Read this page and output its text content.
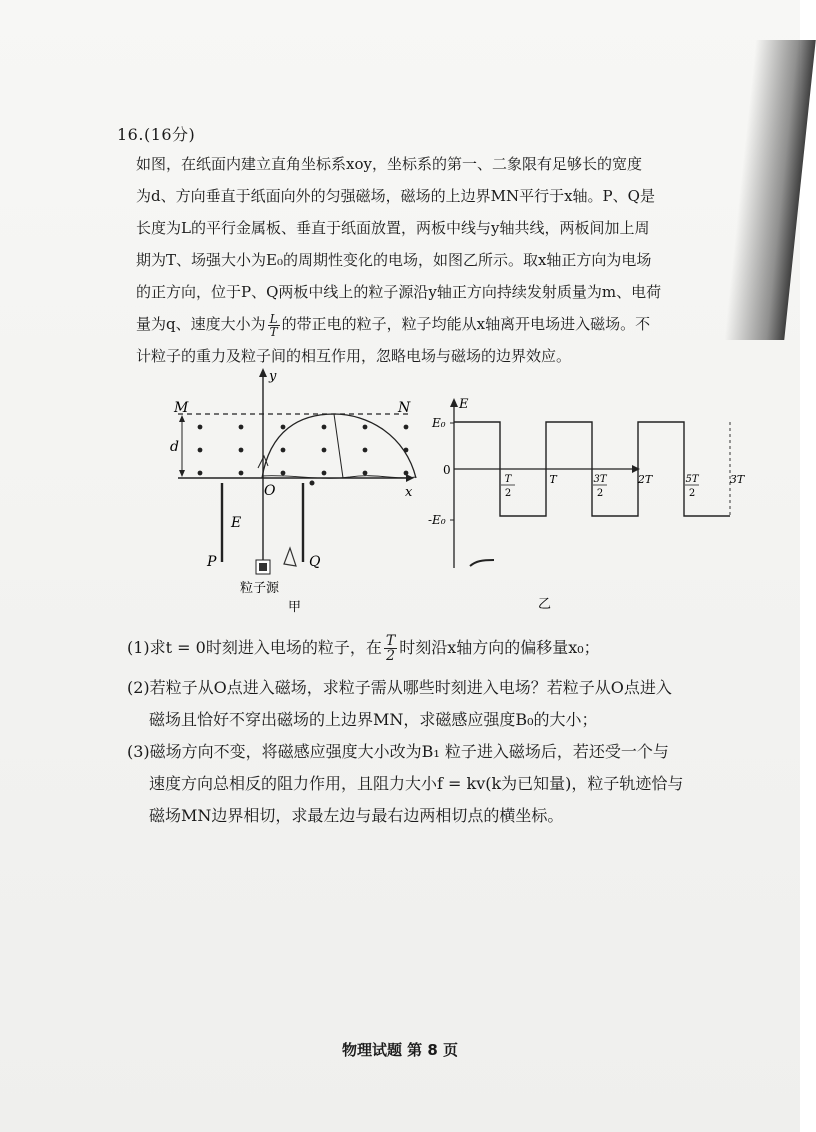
16.(16分)

如图，在纸面内建立直角坐标系xoy，坐标系的第一、二象限有足够长的宽度

为d、方向垂直于纸面向外的匀强磁场，磁场的上边界MN平行于x轴。P、Q是

长度为L的平行金属板、垂直于纸面放置，两板中线与y轴共线，两板间加上周

期为T、场强大小为E₀的周期性变化的电场，如图乙所示。取x轴正方向为电场

的正方向，位于P、Q两板中线上的粒子源沿y轴正方向持续发射质量为m、电荷

量为q、速度大小为 $\frac{L}{T}$ 的带正电的粒子，粒子均能从x轴离开电场进入磁场。不

计粒子的重力及粒子间的相互作用，忽略电场与磁场的边界效应。

M	N
d
y
x
O
E
P	Q
粒子源
甲
T
2
T	3T
2
2T	5T
2
3T
E
E₀
0
-E₀
乙

(1)求t = 0时刻进入电场的粒子，在 $\frac{T}{2}$ 时刻沿x轴方向的偏移量x₀；

(2)若粒子从O点进入磁场，求粒子需从哪些时刻进入电场？若粒子从O点进入

磁场且恰好不穿出磁场的上边界MN，求磁感应强度B₀的大小；

(3)磁场方向不变，将磁感应强度大小改为B₁ 粒子进入磁场后，若还受一个与

速度方向总相反的阻力作用，且阻力大小f = kv(k为已知量)，粒子轨迹恰与

磁场MN边界相切，求最左边与最右边两相切点的横坐标。

物理试题 第 8 页
